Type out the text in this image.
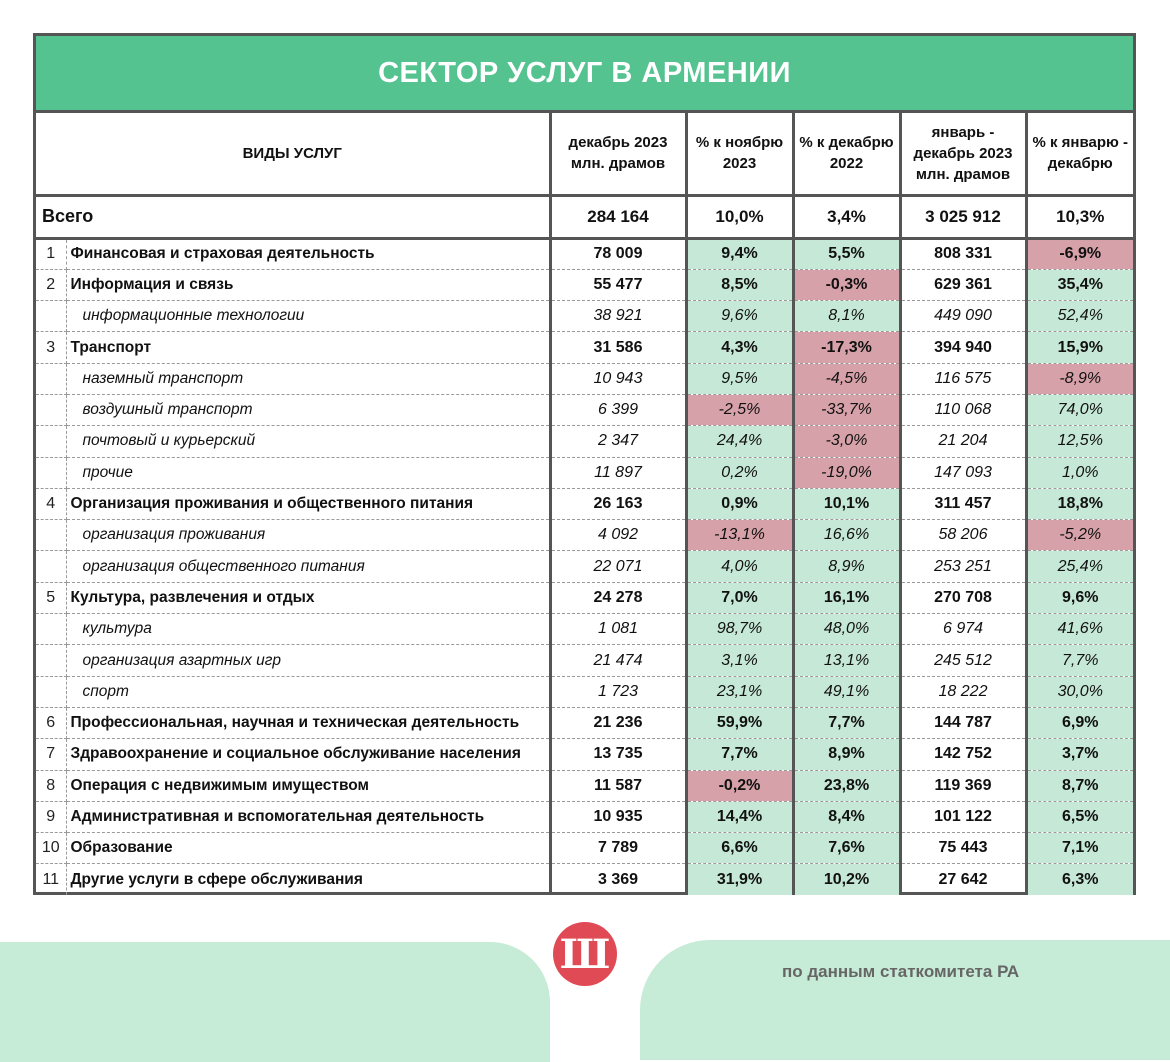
СЕКТОР УСЛУГ В АРМЕНИИ
ВИДЫ УСЛУГ		декабрь 2023 млн. драмов	% к ноябрю 2023	% к декабрю 2022	январь - декабрь 2023 млн. драмов	% к январю - декабрю
Всего		284 164	10,0%	3,4%	3 025 912	10,3%
1	Финансовая и страховая деятельность	78 009	9,4%	5,5%	808 331	-6,9%
2	Информация и связь	55 477	8,5%	-0,3%	629 361	35,4%
	информационные технологии	38 921	9,6%	8,1%	449 090	52,4%
3	Транспорт	31 586	4,3%	-17,3%	394 940	15,9%
	наземный транспорт	10 943	9,5%	-4,5%	116 575	-8,9%
	воздушный транспорт	6 399	-2,5%	-33,7%	110 068	74,0%
	почтовый и курьерский	2 347	24,4%	-3,0%	21 204	12,5%
	прочие	11 897	0,2%	-19,0%	147 093	1,0%
4	Организация проживания и общественного питания	26 163	0,9%	10,1%	311 457	18,8%
	организация проживания	4 092	-13,1%	16,6%	58 206	-5,2%
	организация общественного питания	22 071	4,0%	8,9%	253 251	25,4%
5	Культура, развлечения и отдых	24 278	7,0%	16,1%	270 708	9,6%
	культура	1 081	98,7%	48,0%	6 974	41,6%
	организация азартных игр	21 474	3,1%	13,1%	245 512	7,7%
	спорт	1 723	23,1%	49,1%	18 222	30,0%
6	Профессиональная, научная и техническая деятельность	21 236	59,9%	7,7%	144 787	6,9%
7	Здравоохранение и социальное обслуживание населения	13 735	7,7%	8,9%	142 752	3,7%
8	Операция с недвижимым имуществом	11 587	-0,2%	23,8%	119 369	8,7%
9	Административная и вспомогательная деятельность	10 935	14,4%	8,4%	101 122	6,5%
10	Образование	7 789	6,6%	7,6%	75 443	7,1%
11	Другие услуги в сфере обслуживания	3 369	31,9%	10,2%	27 642	6,3%
Ш	по данным статкомитета РА
